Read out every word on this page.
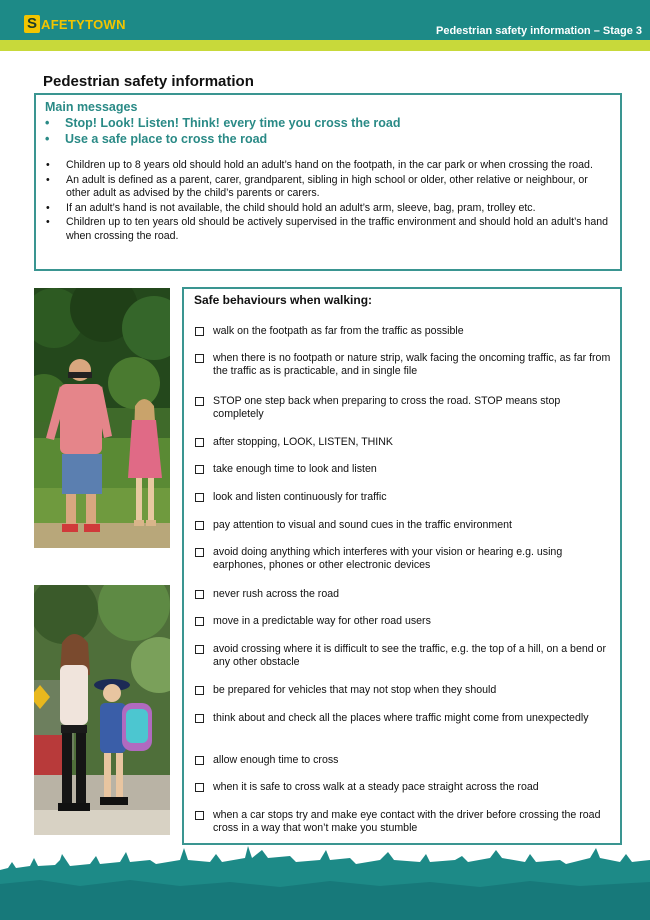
S AFETYTOWN	Pedestrian safety information – Stage 3
Pedestrian safety information
Main messages
• Stop! Look! Listen! Think! every time you cross the road
• Use a safe place to cross the road
• Children up to 8 years old should hold an adult’s hand on the footpath, in the car park or when crossing the road.
• An adult is defined as a parent, carer, grandparent, sibling in high school or older, other relative or neighbour, or other adult as advised by the child’s parents or carers.
• If an adult’s hand is not available, the child should hold an adult’s arm, sleeve, bag, pram, trolley etc.
• Children up to ten years old should be actively supervised in the traffic environment and should hold an adult’s hand when crossing the road.
Safe behaviours when walking:
walk on the footpath as far from the traffic as possible
when there is no footpath or nature strip, walk facing the oncoming traffic, as far from the traffic as is practicable, and in single file
STOP one step back when preparing to cross the road. STOP means stop completely
after stopping, LOOK, LISTEN, THINK
take enough time to look and listen
look and listen continuously for traffic
pay attention to visual and sound cues in the traffic environment
avoid doing anything which interferes with your vision or hearing e.g. using earphones, phones or other electronic devices
never rush across the road
move in a predictable way for other road users
avoid crossing where it is difficult to see the traffic, e.g. the top of a hill, on a bend or any other obstacle
be prepared for vehicles that may not stop when they should
think about and check all the places where traffic might come from unexpectedly
allow enough time to cross
when it is safe to cross walk at a steady pace straight across the road
when a car stops try and make eye contact with the driver before crossing the road cross in a way that won’t make you stumble
